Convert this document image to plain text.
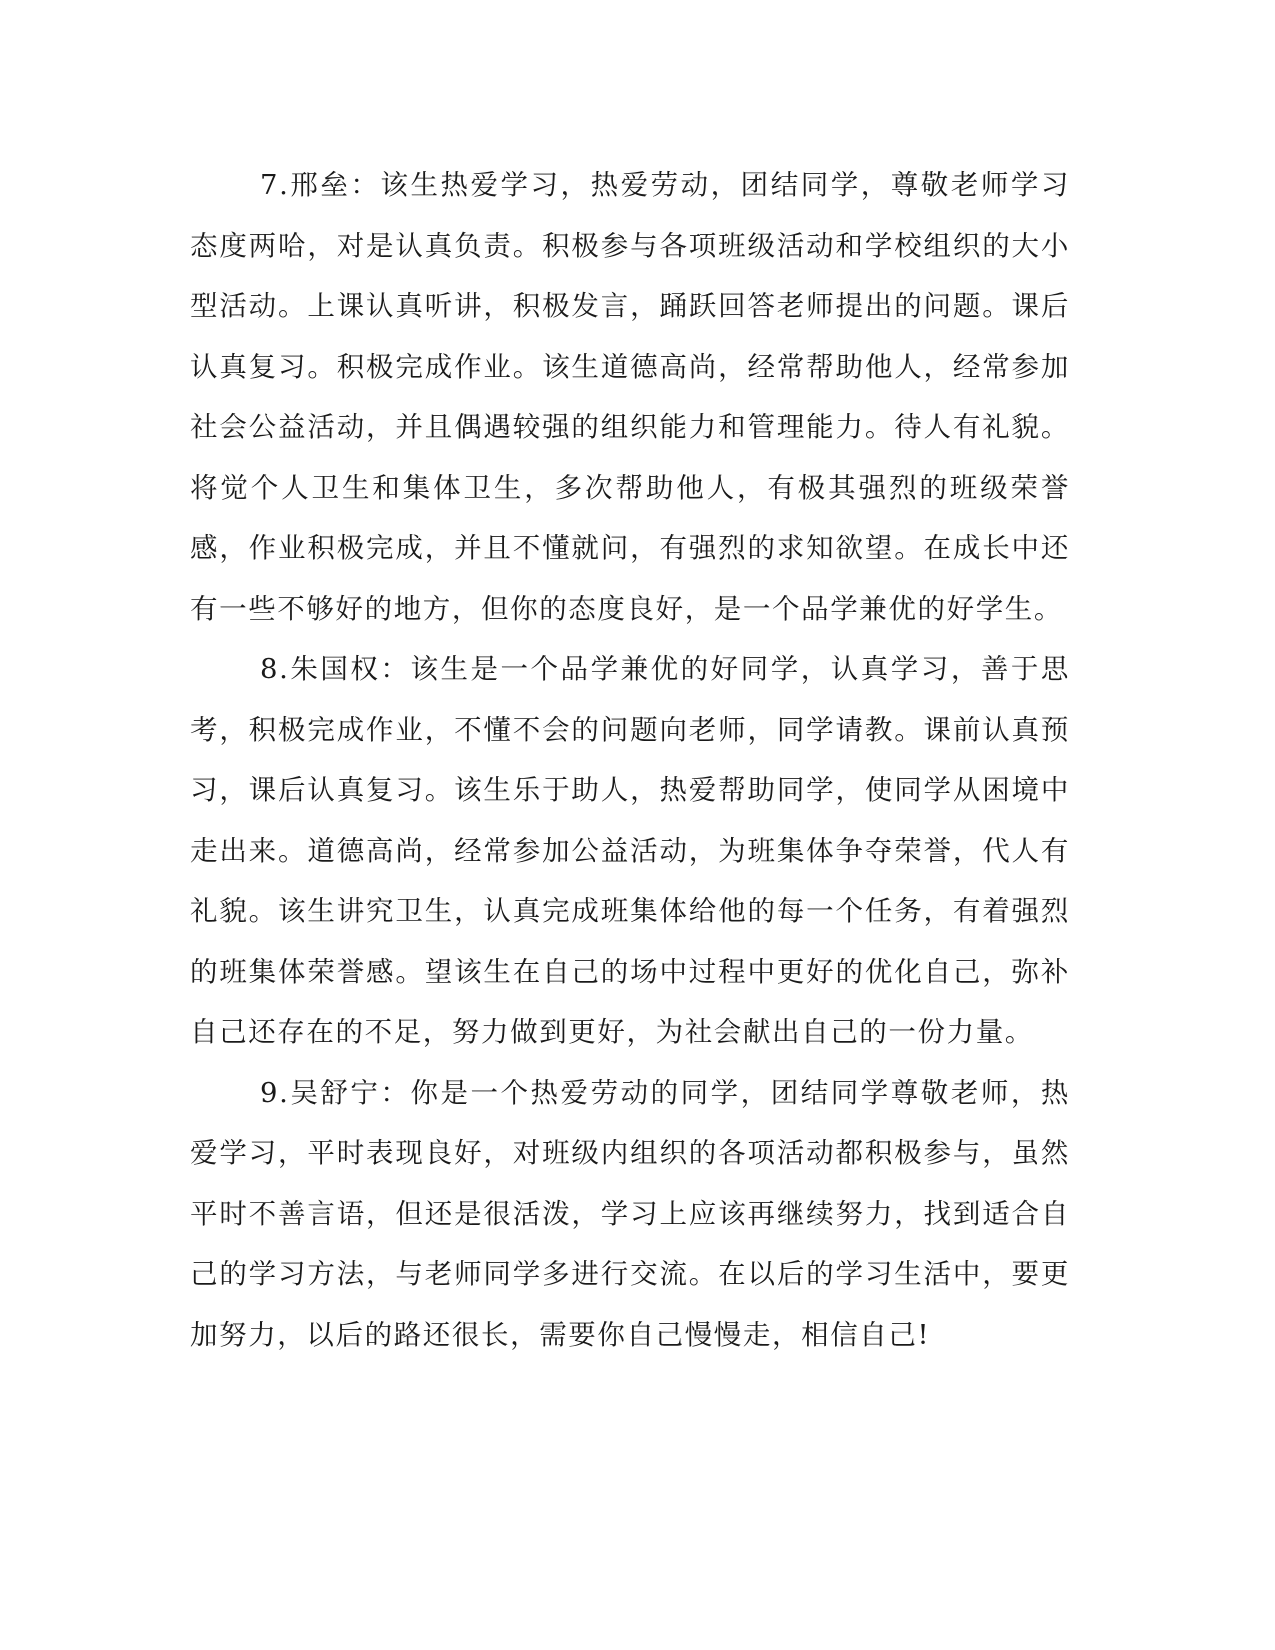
7.邢垒：该生热爱学习，热爱劳动，团结同学，尊敬老师学习态度两哈，对是认真负责。积极参与各项班级活动和学校组织的大小型活动。上课认真听讲，积极发言，踊跃回答老师提出的问题。课后认真复习。积极完成作业。该生道德高尚，经常帮助他人，经常参加社会公益活动，并且偶遇较强的组织能力和管理能力。待人有礼貌。将觉个人卫生和集体卫生，多次帮助他人，有极其强烈的班级荣誉感，作业积极完成，并且不懂就问，有强烈的求知欲望。在成长中还有一些不够好的地方，但你的态度良好，是一个品学兼优的好学生。

8.朱国权：该生是一个品学兼优的好同学，认真学习，善于思考，积极完成作业，不懂不会的问题向老师，同学请教。课前认真预习，课后认真复习。该生乐于助人，热爱帮助同学，使同学从困境中走出来。道德高尚，经常参加公益活动，为班集体争夺荣誉，代人有礼貌。该生讲究卫生，认真完成班集体给他的每一个任务，有着强烈的班集体荣誉感。望该生在自己的场中过程中更好的优化自己，弥补自己还存在的不足，努力做到更好，为社会献出自己的一份力量。

9.吴舒宁：你是一个热爱劳动的同学，团结同学尊敬老师，热爱学习，平时表现良好，对班级内组织的各项活动都积极参与，虽然平时不善言语，但还是很活泼，学习上应该再继续努力，找到适合自己的学习方法，与老师同学多进行交流。在以后的学习生活中，要更加努力，以后的路还很长，需要你自己慢慢走，相信自己!
